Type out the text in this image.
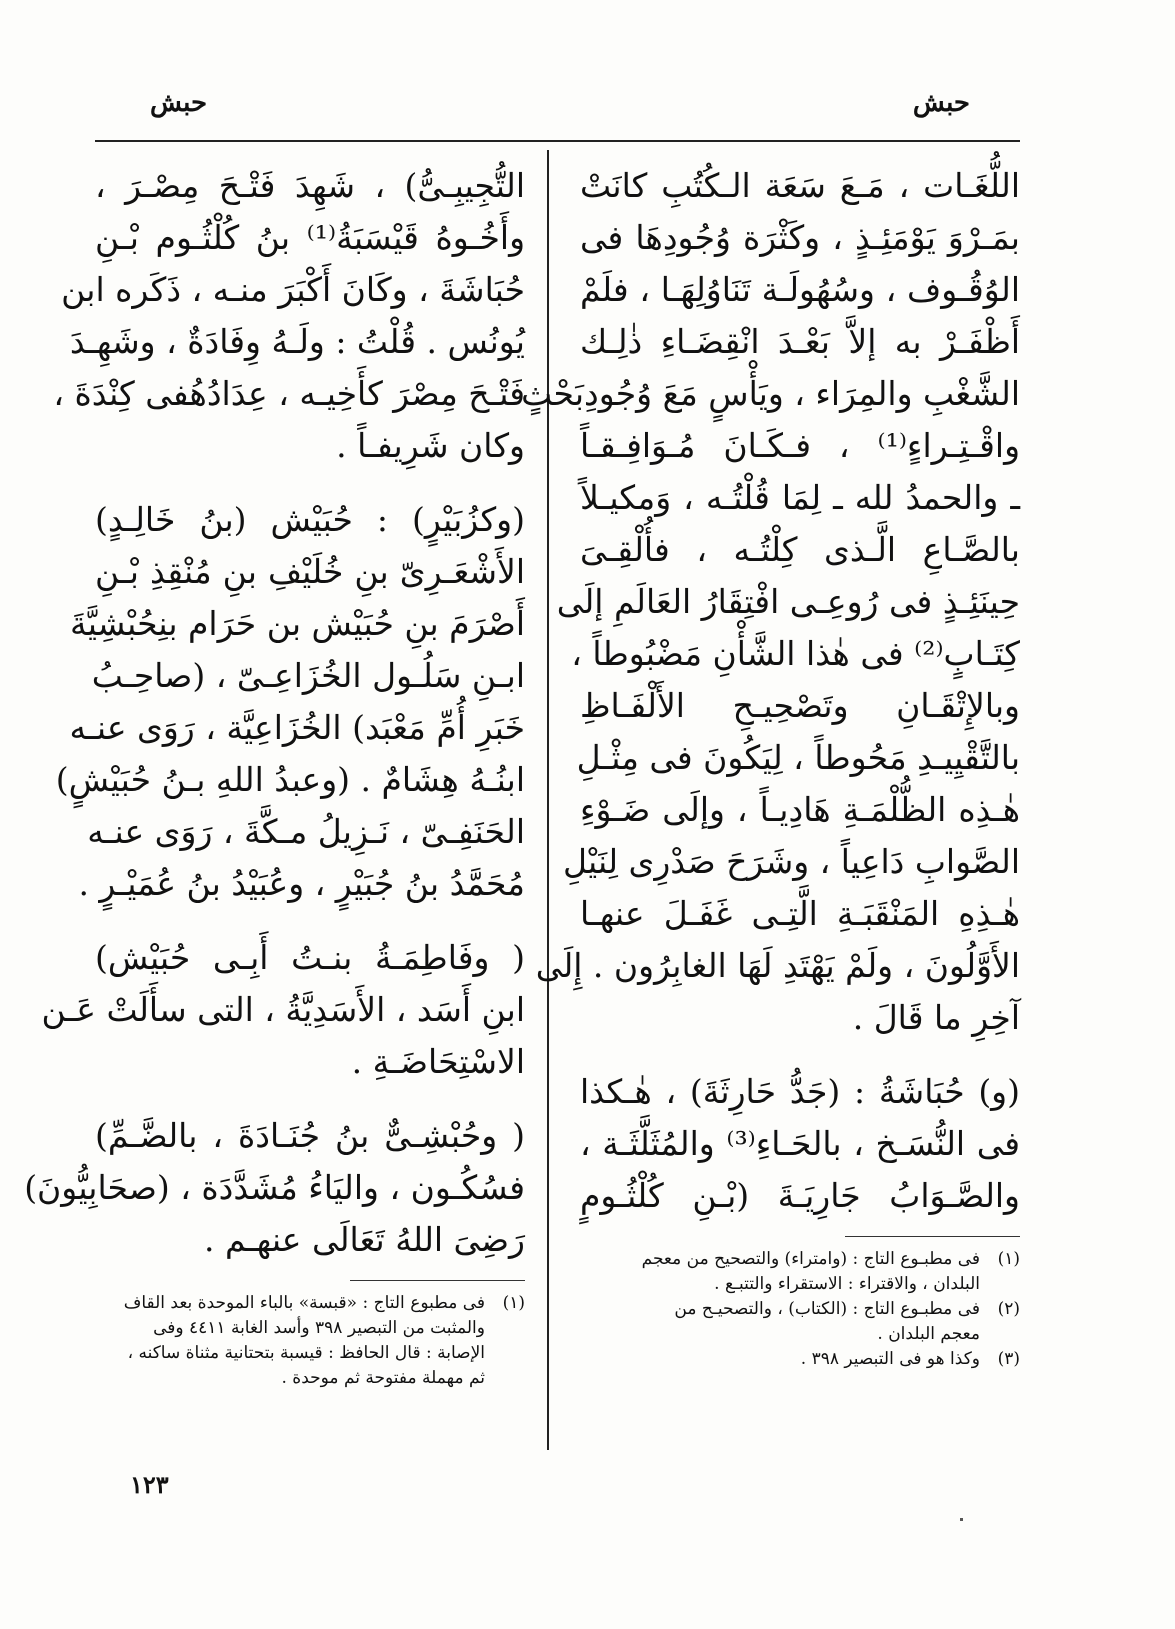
حبش
حبش
اللُّغَـات ، مَـعَ سَعَة الـكُتُبِ كانَتْ
بمَـرْوَ يَوْمَئِـذٍ ، وكَثْرَة وُجُودِهَا فى
الوُقُـوف ، وسُهُولَـة تَنَاوُلِهَـا ، فلَمْ
أَظْفَـرْ به إلاَّ بَعْـدَ انْقِضَـاءِ ذٰلِـك
الشَّغْبِ والمِرَاء ، ويَأْسٍ مَعَ وُجُودِبَحْثٍ
واقْـتِـراءٍ⁽¹⁾ ، فـكَـانَ مُـوَافِـقـاً
ـ والحمدُ لله ـ لِمَا قُلْتُـه ، وَمكيـلاً
بالصَّـاعِ الَّـذى كِلْتُـه ، فأُلْقِـىَ
حِينَئِـذٍ فى رُوعِـى افْتِقَارُ العَالَمِ إلَى
كِتَـابٍ⁽²⁾ فى هٰذا الشَّأْنِ مَضْبُوطاً ،
وبالإِتْقَـانِ وتَصْحِيـحِ الأَلْفَـاظِ
بالتَّقْيِيـدِ مَحُوطاً ، لِيَكُونَ فى مِثْـلِ
هٰـذِه الظُّلْمَـةِ هَادِيـاً ، وإلَى ضَـوْءِ
الصَّوابِ دَاعِياً ، وشَرَحَ صَدْرِى لِنَيْلِ
هٰـذِهِ المَنْقَبَـةِ الَّتِـى غَفَـلَ عنهـا
الأَوَّلُونَ ، ولَمْ يَهْتَدِ لَهَا الغابِرُون . إِلَى
آخِرِ ما قَالَ .
(و) حُبَاشَةُ : (جَدُّ حَارِثَةَ) ، هٰـكذا
فى النُّسَـخ ، بالحَـاءِ⁽³⁾ والمُثَلَّثَـة ،
والصَّـوَابُ جَارِيَـةَ (بْـنِ كُلْثُـومٍ
(١)
فى مطبـوع التاج : (وامتراء) والتصحيح من معجم
البلدان ، والاقتراء : الاستقراء والتتبـع .
(٢)
فى مطبـوع التاج : (الكتاب) ، والتصحيـح من
معجم البلدان .
(٣)
وكذا هو فى التبصير ٣٩٨ .
التُّجِيبِـىُّ) ، شَهِدَ فَتْـحَ مِصْـرَ ،
وأَخُـوهُ قَيْسَبَةُ⁽¹⁾ بنُ كُلْثُـوم بْـنِ
حُبَاشَةَ ، وكَانَ أَكْبَرَ منـه ، ذَكَره ابن
يُونُس . قُلْتُ : ولَـهُ وِفَادَةٌ ، وشَهِـدَ
فَتْـحَ مِصْرَ كأَخِيـه ، عِدَادُهُفى كِنْدَةَ ،
وكان شَرِيفـاً .
(وكزُبَيْرٍ) : حُبَيْش (بنُ خَالِـدٍ)
الأَشْعَـرِىّ بنِ خُلَيْفِ بنِ مُنْقِذِ بْـنِ
أَصْرَمَ بنِ حُبَيْش بن حَرَام بنِحُبْشِيَّةَ
ابـنِ سَلُـول الخُزَاعِـىّ ، (صاحِـبُ
خَبَرِ أُمِّ مَعْبَد) الخُزَاعِيَّة ، رَوَى عنـه
ابنُـهُ هِشَامٌ . (وعبدُ اللهِ بـنُ حُبَيْشٍ)
الحَنَفِـىّ ، نَـزِيلُ مـكَّةَ ، رَوَى عنـه
مُحَمَّدُ بنُ جُبَيْرٍ ، وعُبَيْدُ بنُ عُمَيْـرٍ .
( وفَاطِمَـةُ بنـتُ أَبِـى حُبَيْش)
ابنِ أَسَد ، الأَسَدِيَّةُ ، التى سأَلَتْ عَـن
الاسْتِحَاضَـةِ .
( وحُبْشِـىٌّ بنُ جُنَـادَةَ ، بالضَّـمِّ)
فسُكُـون ، واليَاءُ مُشَدَّدَة ، (صحَابِيُّونَ)
رَضِىَ اللهُ تَعَالَى عنهـم .
(١)
فى مطبوع التاج : «قبسة» بالباء الموحدة بعد القاف
والمثبت من التبصير ٣٩٨ وأسد الغابة ٤٤١١ وفى
الإصابة : قال الحافظ : قيسبة بتحتانية مثناة ساكنه ،
ثم مهملة مفتوحة ثم موحدة .
١٢٣
